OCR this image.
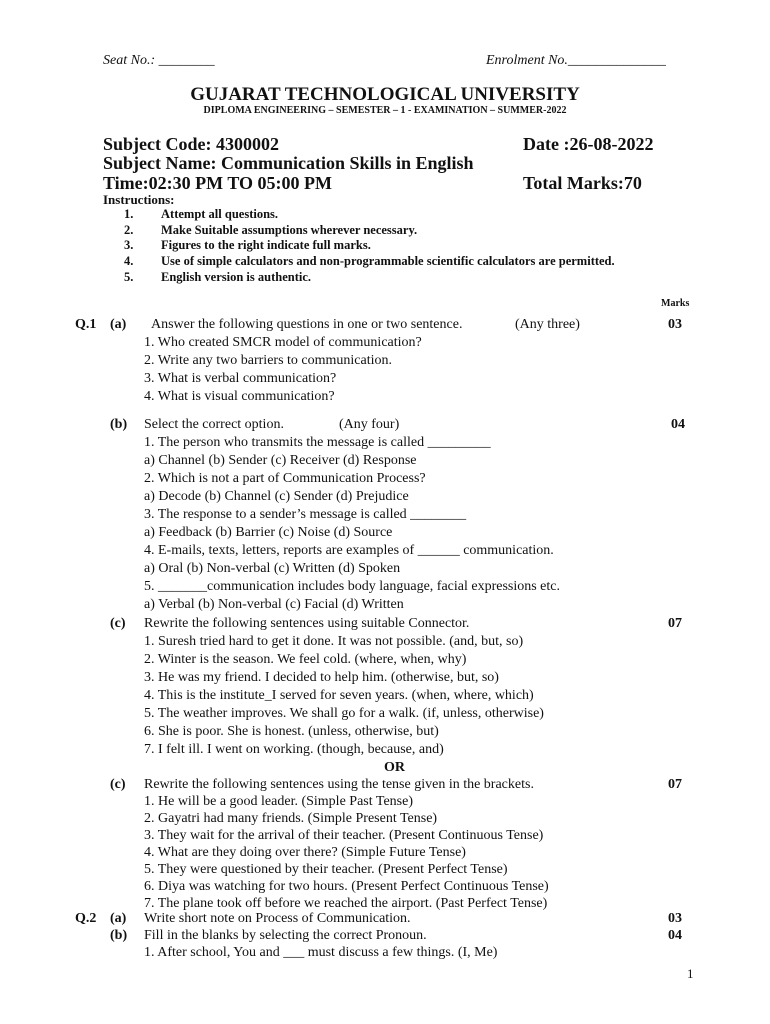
Seat No.: ________	Enrolment No.______________
GUJARAT TECHNOLOGICAL UNIVERSITY
DIPLOMA ENGINEERING – SEMESTER – 1 - EXAMINATION – SUMMER-2022
Subject Code: 4300002	Date :26-08-2022
Subject Name: Communication Skills in English
Time:02:30 PM TO 05:00 PM	Total Marks:70
Instructions:
1. Attempt all questions.
2. Make Suitable assumptions wherever necessary.
3. Figures to the right indicate full marks.
4. Use of simple calculators and non-programmable scientific calculators are permitted.
5. English version is authentic.
Marks
Q.1 (a) Answer the following questions in one or two sentence.	(Any three)	03
1. Who created SMCR model of communication?
2. Write any two barriers to communication.
3. What is verbal communication?
4. What is visual communication?
(b) Select the correct option.	(Any four)	04
1. The person who transmits the message is called _________
a) Channel (b) Sender (c) Receiver (d) Response
2. Which is not a part of Communication Process?
a) Decode (b) Channel (c) Sender (d) Prejudice
3. The response to a sender’s message is called ________
a) Feedback (b) Barrier (c) Noise (d) Source
4. E-mails, texts, letters, reports are examples of ______ communication.
a) Oral (b) Non-verbal (c) Written (d) Spoken
5. _______communication includes body language, facial expressions etc.
a) Verbal (b) Non-verbal (c) Facial (d) Written
(c) Rewrite the following sentences using suitable Connector.	07
1. Suresh tried hard to get it done. It was not possible. (and, but, so)
2. Winter is the season. We feel cold. (where, when, why)
3. He was my friend. I decided to help him. (otherwise, but, so)
4. This is the institute_I served for seven years. (when, where, which)
5. The weather improves. We shall go for a walk. (if, unless, otherwise)
6. She is poor. She is honest. (unless, otherwise, but)
7. I felt ill. I went on working. (though, because, and)
OR
(c) Rewrite the following sentences using the tense given in the brackets.	07
1. He will be a good leader. (Simple Past Tense)
2. Gayatri had many friends. (Simple Present Tense)
3. They wait for the arrival of their teacher. (Present Continuous Tense)
4. What are they doing over there? (Simple Future Tense)
5. They were questioned by their teacher. (Present Perfect Tense)
6. Diya was watching for two hours. (Present Perfect Continuous Tense)
7. The plane took off before we reached the airport. (Past Perfect Tense)
Q.2 (a) Write short note on Process of Communication.	03
(b) Fill in the blanks by selecting the correct Pronoun.	04
1. After school, You and ___ must discuss a few things. (I, Me)
1
